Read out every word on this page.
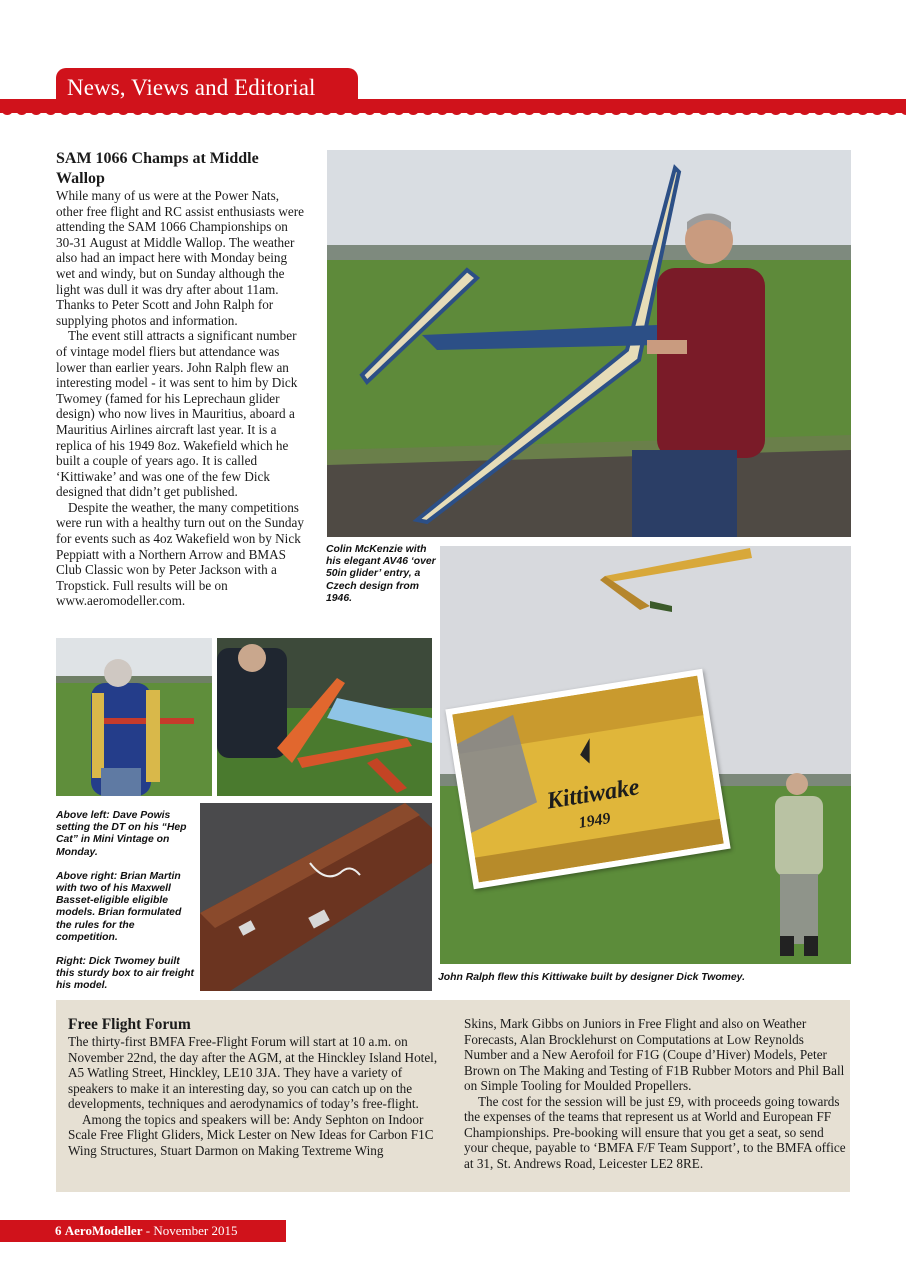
News, Views and Editorial
SAM 1066 Champs at Middle Wallop

While many of us were at the Power Nats, other free flight and RC assist enthusiasts were attending the SAM 1066 Championships on 30-31 August at Middle Wallop. The weather also had an impact here with Monday being wet and windy, but on Sunday although the light was dull it was dry after about 11am. Thanks to Peter Scott and John Ralph for supplying photos and information.

The event still attracts a significant number of vintage model fliers but attendance was lower than earlier years. John Ralph flew an interesting model - it was sent to him by Dick Twomey (famed for his Leprechaun glider design) who now lives in Mauritius, aboard a Mauritius Airlines aircraft last year. It is a replica of his 1949 8oz. Wakefield which he built a couple of years ago. It is called ‘Kittiwake’ and was one of the few Dick designed that didn’t get published.

Despite the weather, the many competitions were run with a healthy turn out on the Sunday for events such as 4oz Wakefield won by Nick Peppiatt with a Northern Arrow and BMAS Club Classic won by Peter Jackson with a Tropstick. Full results will be on www.aeromodeller.com.

Kittiwake
1949
Colin McKenzie with his elegant AV46 ‘over 50in glider’ entry, a Czech design from 1946.

Above left: Dave Powis setting the DT on his “Hep Cat” in Mini Vintage on Monday.

Above right: Brian Martin with two of his Maxwell Basset-eligible eligible models. Brian formulated the rules for the competition.

Right: Dick Twomey built this sturdy box to air freight his model.

John Ralph flew this Kittiwake built by designer Dick Twomey.
Free Flight Forum

The thirty-first BMFA Free-Flight Forum will start at 10 a.m. on November 22nd, the day after the AGM, at the Hinckley Island Hotel, A5 Watling Street, Hinckley, LE10 3JA. They have a variety of speakers to make it an interesting day, so you can catch up on the developments, techniques and aerodynamics of today’s free-flight.

Among the topics and speakers will be: Andy Sephton on Indoor Scale Free Flight Gliders, Mick Lester on New Ideas for Carbon F1C Wing Structures, Stuart Darmon on Making Textreme Wing

Skins, Mark Gibbs on Juniors in Free Flight and also on Weather Forecasts, Alan Brocklehurst on Computations at Low Reynolds Number and a New Aerofoil for F1G (Coupe d’Hiver) Models, Peter Brown on The Making and Testing of F1B Rubber Motors and Phil Ball on Simple Tooling for Moulded Propellers.

The cost for the session will be just £9, with proceeds going towards the expenses of the teams that represent us at World and European FF Championships. Pre-booking will ensure that you get a seat, so send your cheque, payable to ‘BMFA F/F Team Support’, to the BMFA office at 31, St. Andrews Road, Leicester LE2 8RE.

6 AeroModeller - November 2015
